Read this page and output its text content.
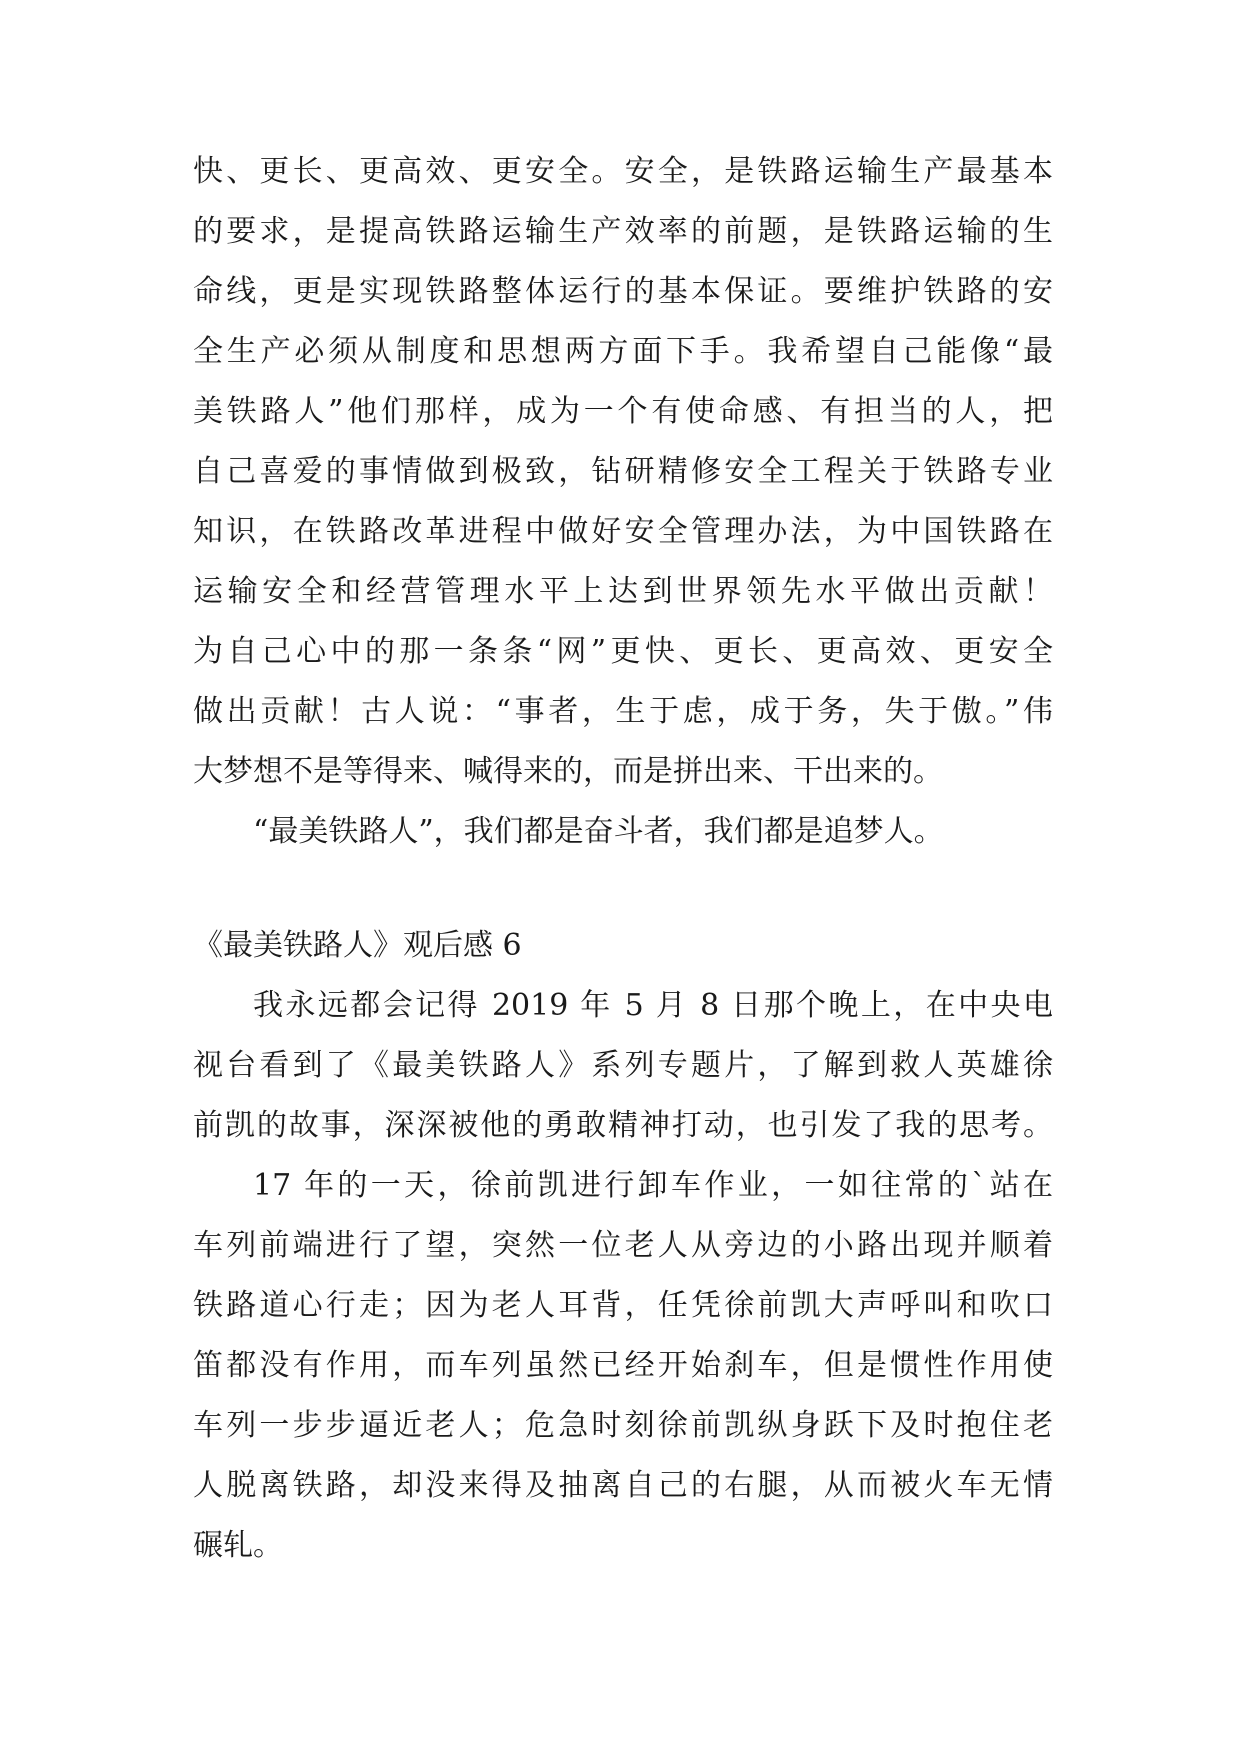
快、更长、更高效、更安全。安全，是铁路运输生产最基本
的要求，是提高铁路运输生产效率的前题，是铁路运输的生
命线，更是实现铁路整体运行的基本保证。要维护铁路的安
全生产必须从制度和思想两方面下手。我希望自己能像“最
美铁路人”他们那样，成为一个有使命感、有担当的人，把
自己喜爱的事情做到极致，钻研精修安全工程关于铁路专业
知识，在铁路改革进程中做好安全管理办法，为中国铁路在
运输安全和经营管理水平上达到世界领先水平做出贡献！
为自己心中的那一条条“网”更快、更长、更高效、更安全
做出贡献！古人说：“事者，生于虑，成于务，失于傲。”伟
大梦想不是等得来、喊得来的，而是拼出来、干出来的。
“最美铁路人”，我们都是奋斗者，我们都是追梦人。
《最美铁路人》观后感 6
我永远都会记得 2019 年 5 月 8 日那个晚上，在中央电
视台看到了《最美铁路人》系列专题片，了解到救人英雄徐
前凯的故事，深深被他的勇敢精神打动，也引发了我的思考。
17 年的一天，徐前凯进行卸车作业，一如往常的`站在
车列前端进行了望，突然一位老人从旁边的小路出现并顺着
铁路道心行走；因为老人耳背，任凭徐前凯大声呼叫和吹口
笛都没有作用，而车列虽然已经开始刹车，但是惯性作用使
车列一步步逼近老人；危急时刻徐前凯纵身跃下及时抱住老
人脱离铁路，却没来得及抽离自己的右腿，从而被火车无情
碾轧。
